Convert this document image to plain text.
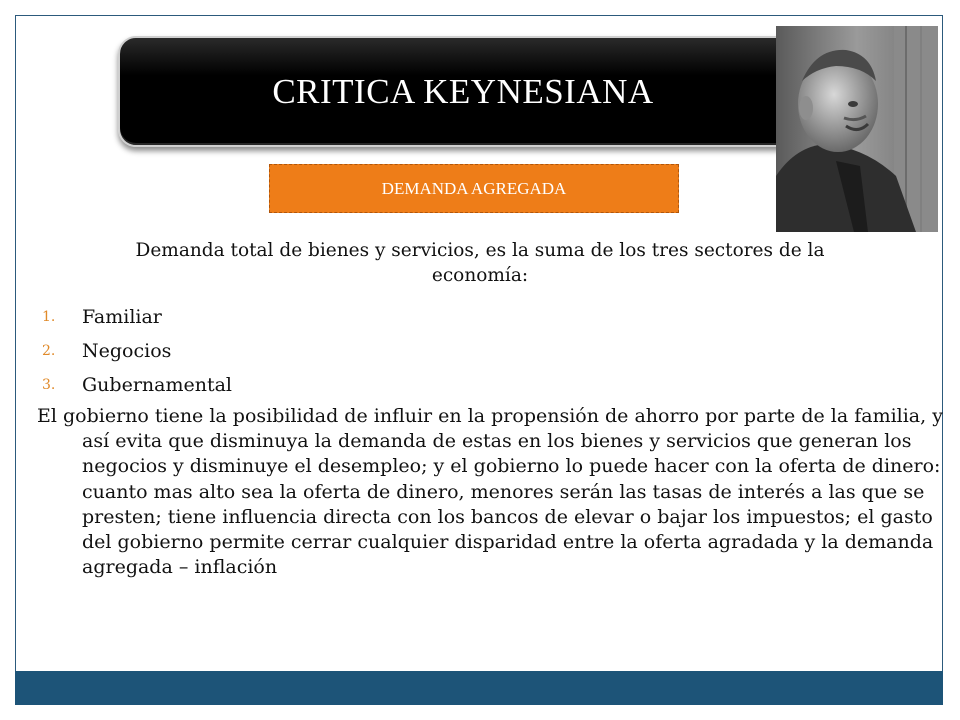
CRITICA KEYNESIANA
DEMANDA AGREGADA
Demanda total de bienes y servicios, es la suma de los tres sectores de la economía:
1.	Familiar
2.	Negocios
3.	Gubernamental

El gobierno tiene la posibilidad de influir en la propensión de ahorro por parte de la familia, y así evita que disminuya la demanda de estas en los bienes y servicios que generan los negocios y disminuye el desempleo; y el gobierno lo puede hacer con la oferta de dinero: cuanto mas alto sea la oferta de dinero, menores serán las tasas de interés a las que se presten; tiene influencia directa con los bancos de elevar o bajar los impuestos; el gasto del gobierno permite cerrar cualquier disparidad entre la oferta agradada y la demanda agregada – inflación
